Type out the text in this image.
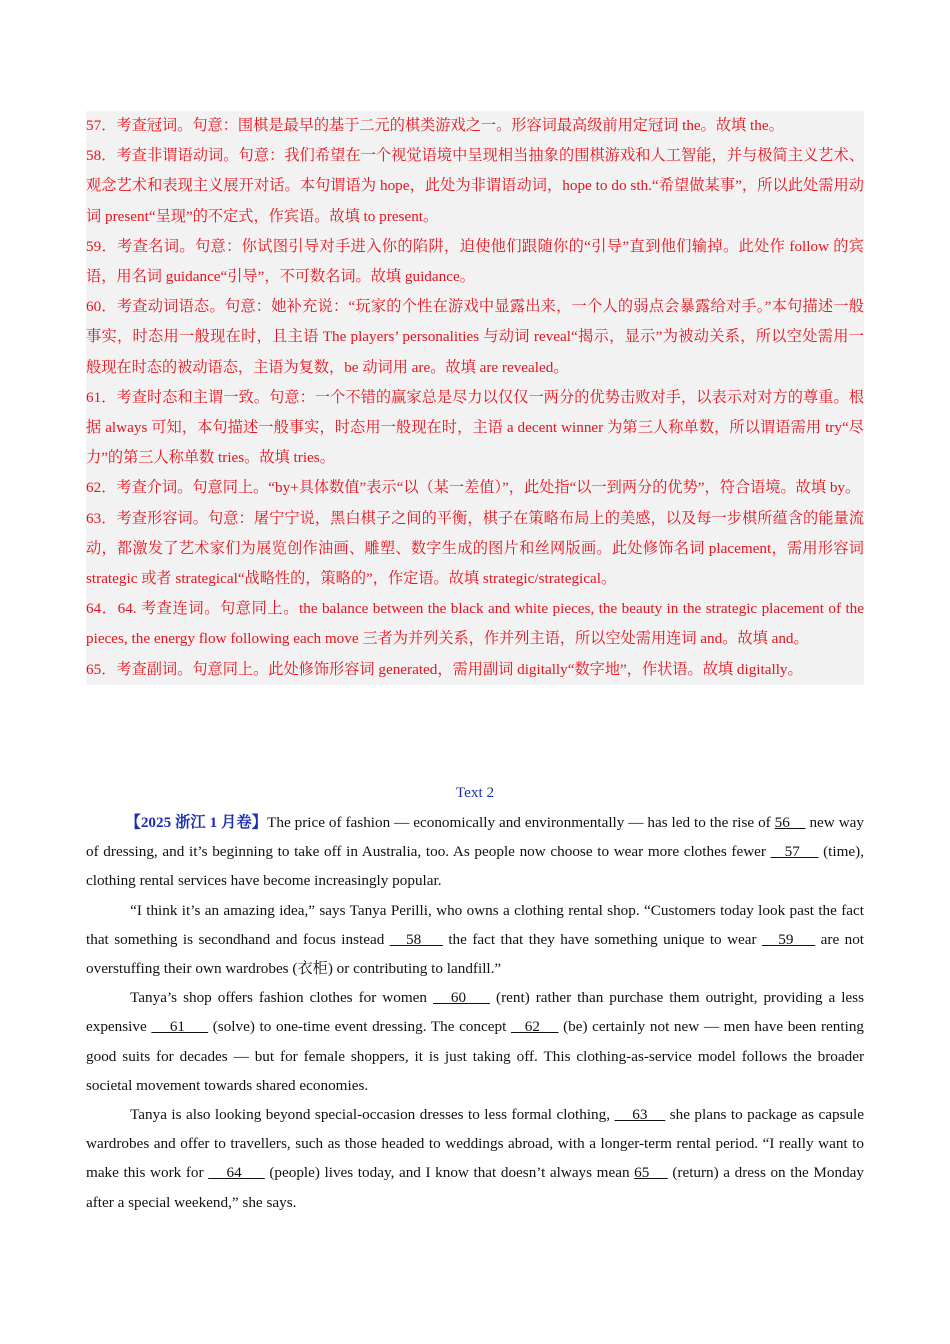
57．考查冠词。句意：围棋是最早的基于二元的棋类游戏之一。形容词最高级前用定冠词 the。故填 the。

58．考查非谓语动词。句意：我们希望在一个视觉语境中呈现相当抽象的围棋游戏和人工智能，并与极简主义艺术、观念艺术和表现主义展开对话。本句谓语为 hope，此处为非谓语动词，hope to do sth.“希望做某事”，所以此处需用动词 present“呈现”的不定式，作宾语。故填 to present。

59．考查名词。句意：你试图引导对手进入你的陷阱，迫使他们跟随你的“引导”直到他们输掉。此处作 follow 的宾语，用名词 guidance“引导”，不可数名词。故填 guidance。

60．考查动词语态。句意：她补充说：“玩家的个性在游戏中显露出来，一个人的弱点会暴露给对手。”本句描述一般事实，时态用一般现在时，且主语 The players’ personalities 与动词 reveal“揭示，显示”为被动关系，所以空处需用一般现在时态的被动语态，主语为复数，be 动词用 are。故填 are revealed。

61．考查时态和主谓一致。句意：一个不错的赢家总是尽力以仅仅一两分的优势击败对手，以表示对对方的尊重。根据 always 可知，本句描述一般事实，时态用一般现在时，主语 a decent winner 为第三人称单数，所以谓语需用 try“尽力”的第三人称单数 tries。故填 tries。

62．考查介词。句意同上。“by+具体数值”表示“以（某一差值）”，此处指“以一到两分的优势”，符合语境。故填 by。

63．考查形容词。句意：屠宁宁说，黑白棋子之间的平衡，棋子在策略布局上的美感，以及每一步棋所蕴含的能量流动，都激发了艺术家们为展览创作油画、雕塑、数字生成的图片和丝网版画。此处修饰名词 placement，需用形容词 strategic 或者 strategical“战略性的，策略的”，作定语。故填 strategic/strategical。

64．64. 考查连词。句意同上。the balance between the black and white pieces, the beauty in the strategic placement of the pieces, the energy flow following each move 三者为并列关系，作并列主语，所以空处需用连词 and。故填 and。

65．考查副词。句意同上。此处修饰形容词 generated，需用副词 digitally“数字地”，作状语。故填 digitally。

Text 2

【2025 浙江 1 月卷】The price of fashion — economically and environmentally — has led to the rise of 56     new way of dressing, and it’s beginning to take off in Australia, too. As people now choose to wear more clothes fewer    57     (time), clothing rental services have become increasingly popular.

“I think it’s an amazing idea,” says Tanya Perilli, who owns a clothing rental shop. “Customers today look past the fact that something is secondhand and focus instead    58     the fact that they have something unique to wear    59     are not overstuffing their own wardrobes (衣柜) or contributing to landfill.”

Tanya’s shop offers fashion clothes for women    60     (rent) rather than purchase them outright, providing a less expensive     61      (solve) to one-time event dressing. The concept    62     (be) certainly not new — men have been renting good suits for decades — but for female shoppers, it is just taking off. This clothing-as-service model follows the broader societal movement towards shared economies.

Tanya is also looking beyond special-occasion dresses to less formal clothing,     63     she plans to package as capsule wardrobes and offer to travellers, such as those headed to weddings abroad, with a longer-term rental period. “I really want to make this work for     64      (people) lives today, and I know that doesn’t always mean 65     (return) a dress on the Monday after a special weekend,” she says.
